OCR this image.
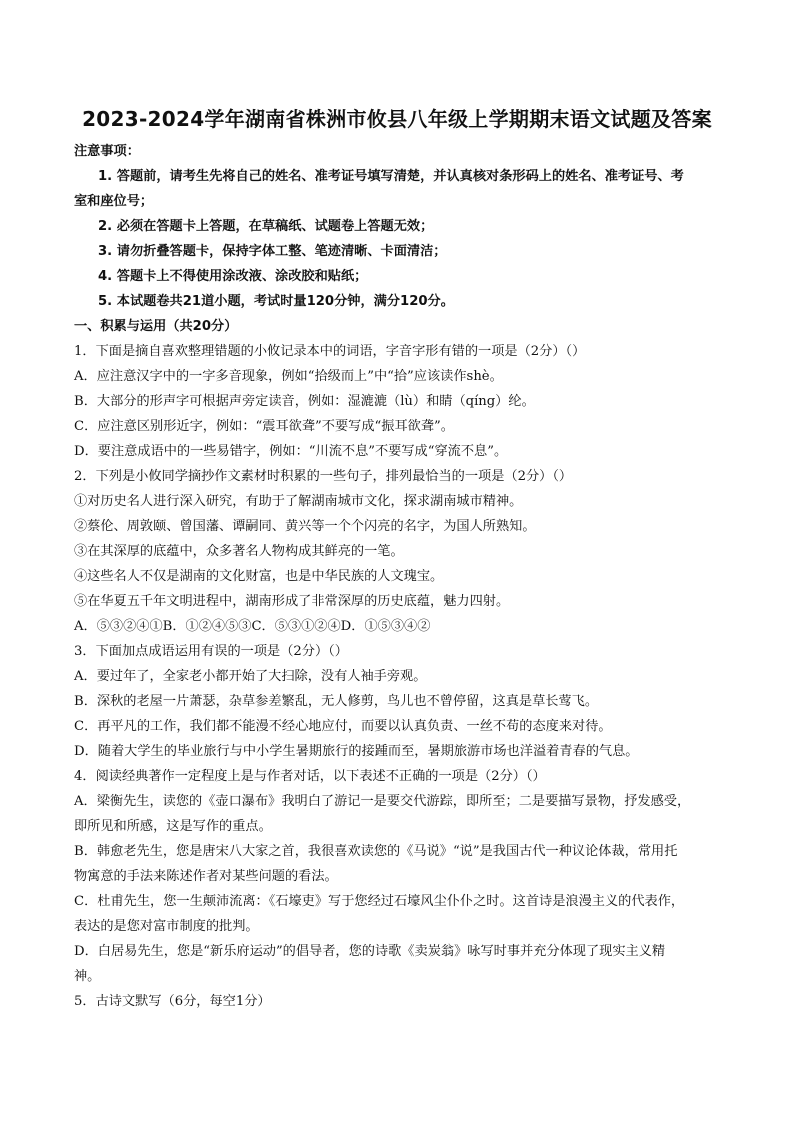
2023-2024学年湖南省株洲市攸县八年级上学期期末语文试题及答案
注意事项：
1. 答题前，请考生先将自己的姓名、准考证号填写清楚，并认真核对条形码上的姓名、准考证号、考
室和座位号；
2. 必须在答题卡上答题，在草稿纸、试题卷上答题无效；
3. 请勿折叠答题卡，保持字体工整、笔迹清晰、卡面清洁；
4. 答题卡上不得使用涂改液、涂改胶和贴纸；
5. 本试题卷共21道小题，考试时量120分钟，满分120分。
一、积累与运用（共20分）
1．下面是摘自喜欢整理错题的小攸记录本中的词语，字音字形有错的一项是（2分）（）
A．应注意汉字中的一字多音现象，例如“拾级而上”中“拾”应该读作shè。
B．大部分的形声字可根据声旁定读音，例如：湿漉漉（lù）和睛（qíng）纶。
C．应注意区别形近字，例如：“震耳欲聋”不要写成“振耳欲聋”。
D．要注意成语中的一些易错字，例如：“川流不息”不要写成“穿流不息”。
2．下列是小攸同学摘抄作文素材时积累的一些句子，排列最恰当的一项是（2分）（）
①对历史名人进行深入研究，有助于了解湖南城市文化，探求湖南城市精神。
②蔡伦、周敦颐、曾国藩、谭嗣同、黄兴等一个个闪亮的名字，为国人所熟知。
③在其深厚的底蕴中，众多著名人物构成其鲜亮的一笔。
④这些名人不仅是湖南的文化财富，也是中华民族的人文瑰宝。
⑤在华夏五千年文明进程中，湖南形成了非常深厚的历史底蕴，魅力四射。
A．⑤③②④①B．①②④⑤③C．⑤③①②④D．①⑤③④②
3．下面加点成语运用有误的一项是（2分）（）
A．要过年了，全家老小都开始了大扫除，没有人袖手旁观。
B．深秋的老屋一片萧瑟，杂草参差繁乱，无人修剪，鸟儿也不曾停留，这真是草长莺飞。
C．再平凡的工作，我们都不能漫不经心地应付，而要以认真负责、一丝不苟的态度来对待。
D．随着大学生的毕业旅行与中小学生暑期旅行的接踵而至，暑期旅游市场也洋溢着青春的气息。
4．阅读经典著作一定程度上是与作者对话，以下表述不正确的一项是（2分）（）
A．梁衡先生，读您的《壶口瀑布》我明白了游记一是要交代游踪，即所至；二是要描写景物，抒发感受，
即所见和所感，这是写作的重点。
B．韩愈老先生，您是唐宋八大家之首，我很喜欢读您的《马说》“说”是我国古代一种议论体裁，常用托
物寓意的手法来陈述作者对某些问题的看法。
C．杜甫先生，您一生颠沛流离：《石壕吏》写于您经过石壕风尘仆仆之时。这首诗是浪漫主义的代表作，
表达的是您对富市制度的批判。
D．白居易先生，您是“新乐府运动”的倡导者，您的诗歌《卖炭翁》咏写时事并充分体现了现实主义精
神。
5．古诗文默写（6分，每空1分）
